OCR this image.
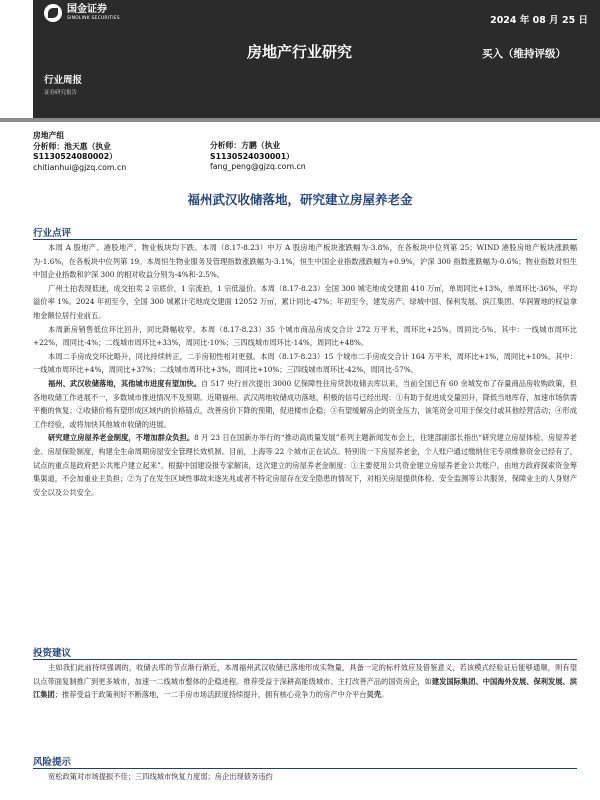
国金证券
SINOLINK SECURITIES	2024 年 08 月 25 日
房地产行业研究	买入（维持评级）
行业周报
证券研究报告
房地产组
分析师：池天惠（执业
S1130524080002）
chitianhui@gjzq.com.cn
分析师：方鹏（执业
S1130524030001）
fang_peng@gjzq.com.cn
福州武汉收储落地，研究建立房屋养老金
行业点评

本周 A 股地产、港股地产、物业板块均下跌。本周（8.17-8.23）中万 A 股房地产板块涨跌幅为-3.8%，在各板块中位列第 25；WIND 港股房地产板块涨跌幅为-1.6%，在各板块中位列第 19。本周恒生物业服务及管理指数涨跌幅为-3.1%，恒生中国企业指数涨跌幅为+0.9%，沪深 300 指数涨跌幅为-0.6%；物业指数对恒生中国企业指数和沪深 300 的相对收益分别为-4%和-2.5%。

广州土拍表现低迷，成交拍卖 2 宗底价，1 宗流拍，1 宗低溢价。本周（8.17-8.23）全国 300 城宅地成交建面 410 万㎡，单周同比+13%，单周环比-36%，平均溢价率 1%。2024 年初至今，全国 300 城累计宅地成交建面 12052 万㎡，累计同比-47%；年初至今，建发房产、绿城中国、保利发展、滨江集团、华润置地的权益拿地金额位居行业前五。

本周新房销售低位环比回升，同比降幅收窄。本周（8.17-8.23）35 个城市商品房成交合计 272 万平米，周环比+25%，周同比-5%。其中：一线城市周环比+22%，周同比-4%；二线城市周环比+33%，周同比-10%；三四线城市周环比-14%，周同比+48%。

本周二手房成交环比略升，同比持续转正，二手房韧性相对更强。本周（8.17-8.23）15 个城市二手房成交合计 164 万平米，周环比+1%，周同比+10%。其中：一线城市周环比+4%，周同比+37%；二线城市周环比+3%，周同比+10%；三四线城市周环比-42%，周同比-57%。

福州、武汉收储落地，其他城市进度有望加快。自 517 央行首次提出 3000 亿保障性住房贷款收储去库以来，当前全国已有 60 余城发布了存量商品房收购政策，但各地收储工作进展不一，多数城市推进情况不及预期。近期福州、武汉两地收储成功落地，积极的信号已经出现：①有助于促进成交量回升，降低当地库存，加速市场供需平衡的恢复；②收储价格有望形成区域内的价格锚点，改善房价下降的预期，促进楼市企稳；③有望缓解房企的资金压力，该笔资金可用于保交付或其他经营活动；④形成工作经验，或将加快其他城市收储的进展。

研究建立房屋养老金制度，不增加群众负担。8 月 23 日在国新办举行的“推动高质量发展”系列主题新闻发布会上，住建部副部长指出“研究建立房屋体检、房屋养老金、房屋保险制度，构建全生命周期房屋安全管理长效机制。目前，上海等 22 个城市正在试点。特别说一下房屋养老金，个人账户通过缴纳住宅专项维修资金已经有了，试点的重点是政府把公共账户建立起来”。根据中国建设报专家解读，这次建立的房屋养老金制度：①主要使用公共资金建立房屋养老金公共账户，由地方政府探索资金筹集渠道，不会加重业主负担；②为了在发生区域性事故未逐先兆或者不特定房屋存在安全隐患的情况下，对相关房屋提供体检、安全监测等公共服务，保障业主的人身财产安全以及公共安全。

投资建议

主如我们此前持续强调的，收储去库的节点渐行渐近，本周福州武汉收储已落地形成实物量，具备一定的标杆效应及借鉴意义，若该模式经验证后能够通顺，则有望以点带面复制推广到更多城市，加速一二线城市整体的企稳进程。推荐受益于深耕高能级城市、主打改善产品的国资房企，如建发国际集团、中国海外发展、保利发展、滨江集团；推荐受益于政策利好不断落地，一二手房市场活跃度持续提升，拥有核心竞争力的房产中介平台贝壳。

风险提示

宽松政策对市场提振不佳；三四线城市恢复力度弱；房企出现债务违约
